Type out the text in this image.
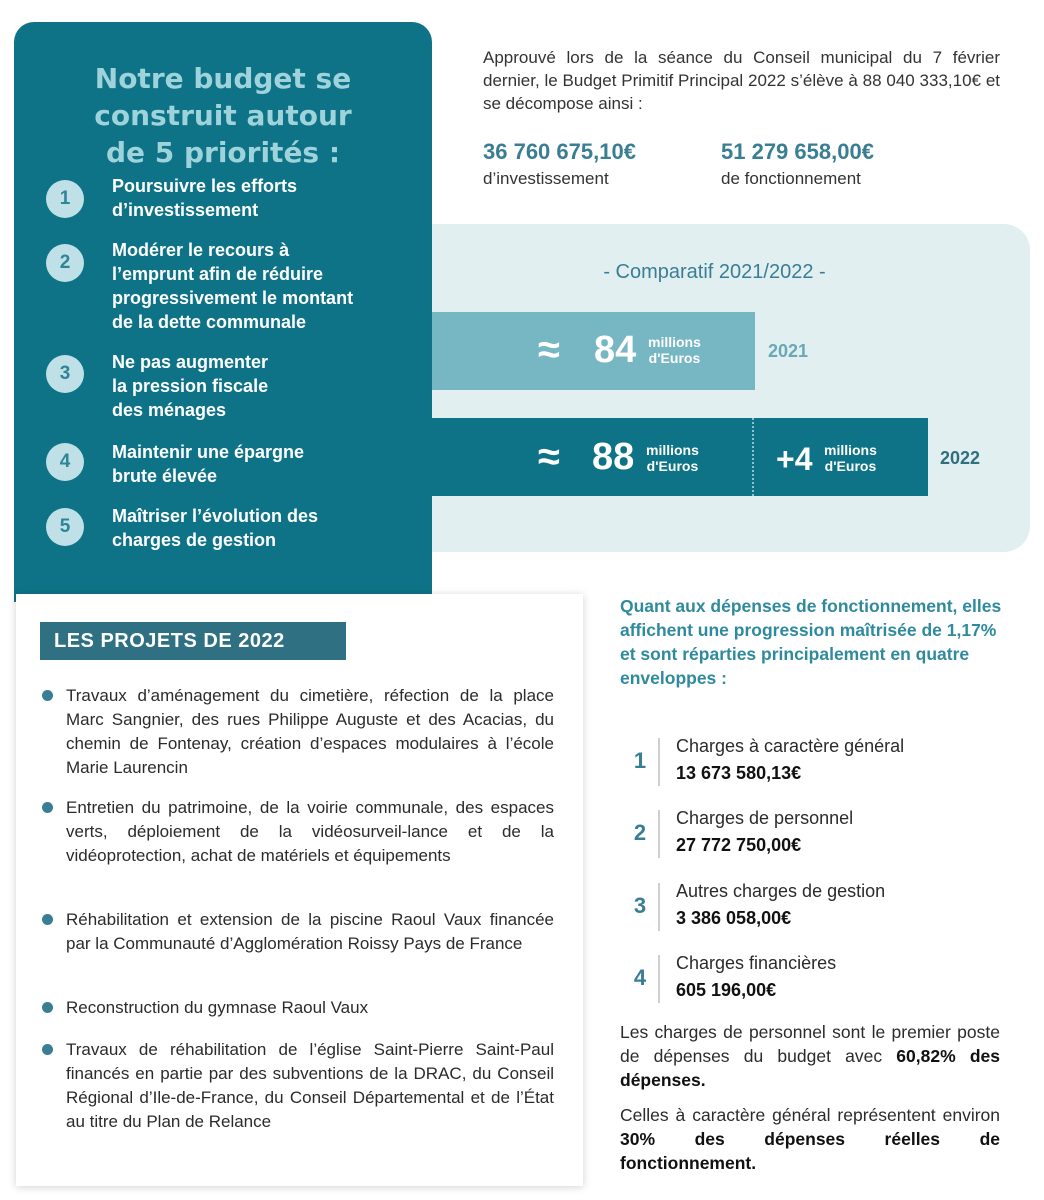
Notre budget se
construit autour
de 5 priorités :
1
Poursuivre les efforts
d’investissement
2
Modérer le recours à
l’emprunt afin de réduire
progressivement le montant
de la dette communale
3
Ne pas augmenter
la pression fiscale
des ménages
4	Maintenir une épargne
brute élevée
5	Maîtriser l’évolution des
charges de gestion
Approuvé lors de la séance du Conseil municipal du 7 février dernier, le Budget Primitif Principal 2022 s’élève à 88 040 333,10€ et se décompose ainsi :
36 760 675,10€
d’investissement
51 279 658,00€
de fonctionnement
- Comparatif 2021/2022 -
≈ 84 millions
d'Euros	2021
≈ 88 millions
d'Euros +4 millions
d'Euros	2022
LES PROJETS DE 2022
Travaux d’aménagement du cimetière, réfection de la place Marc Sangnier, des rues Philippe Auguste et des Acacias, du chemin de Fontenay, création d’espaces modulaires à l’école Marie Laurencin
Entretien du patrimoine, de la voirie communale, des espaces verts, déploiement de la vidéosurveil-lance et de la vidéoprotection, achat de matériels et équipements
Réhabilitation et extension de la piscine Raoul Vaux financée par la Communauté d’Agglomération Roissy Pays de France
Reconstruction du gymnase Raoul Vaux
Travaux de réhabilitation de l’église Saint-Pierre Saint-Paul financés en partie par des subventions de la DRAC, du Conseil Régional d’Ile-de-France, du Conseil Départemental et de l’État au titre du Plan de Relance
Quant aux dépenses de fonctionnement, elles affichent une progression maîtrisée de 1,17% et sont réparties principalement en quatre enveloppes :
1
Charges à caractère général
13 673 580,13€
2
Charges de personnel
27 772 750,00€
3
Autres charges de gestion
3 386 058,00€
4
Charges financières
605 196,00€
Les charges de personnel sont le premier poste de dépenses du budget avec 60,82% des dépenses.
Celles à caractère général représentent environ 30% des dépenses réelles de fonctionnement.
